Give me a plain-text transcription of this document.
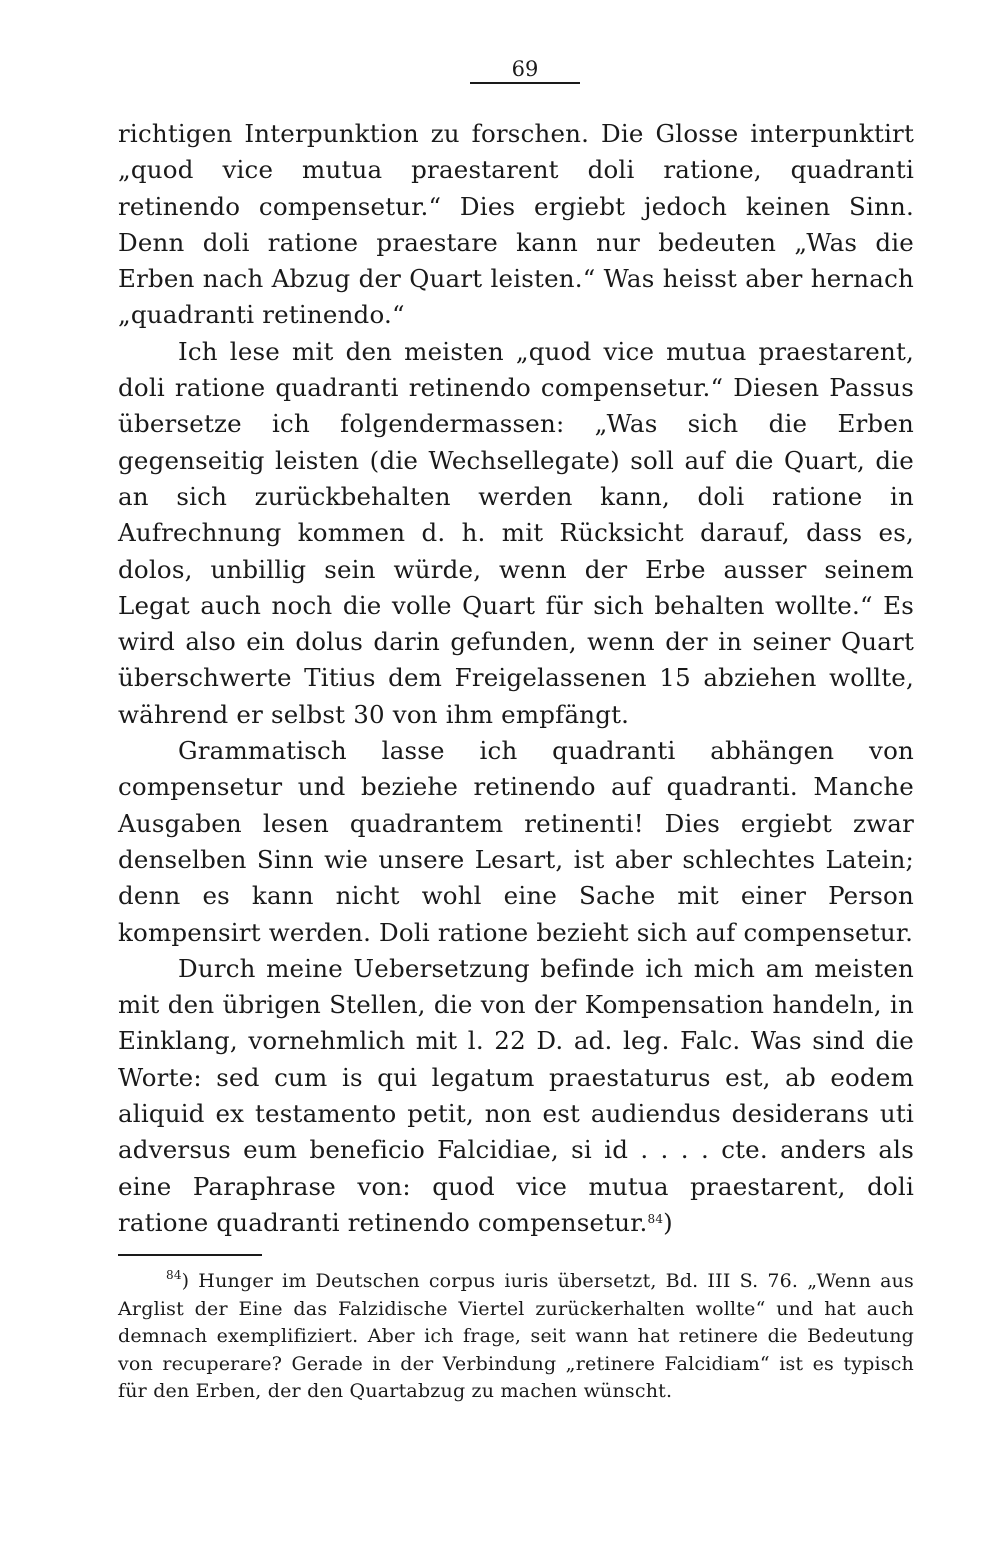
69

richtigen Interpunktion zu forschen. Die Glosse interpunktirt „quod vice mutua praestarent doli ratione, quadranti retinendo compensetur.“ Dies ergiebt jedoch keinen Sinn. Denn doli ratione praestare kann nur bedeuten „Was die Erben nach Abzug der Quart leisten.“ Was heisst aber hernach „quadranti retinendo.“

Ich lese mit den meisten „quod vice mutua praestarent, doli ratione quadranti retinendo compensetur.“ Diesen Passus übersetze ich folgendermassen: „Was sich die Erben gegenseitig leisten (die Wechsellegate) soll auf die Quart, die an sich zurückbehalten werden kann, doli ratione in Aufrechnung kommen d. h. mit Rücksicht darauf, dass es, dolos, unbillig sein würde, wenn der Erbe ausser seinem Legat auch noch die volle Quart für sich behalten wollte.“ Es wird also ein dolus darin gefunden, wenn der in seiner Quart überschwerte Titius dem Freigelassenen 15 abziehen wollte, während er selbst 30 von ihm empfängt.

Grammatisch lasse ich quadranti abhängen von compensetur und beziehe retinendo auf quadranti. Manche Ausgaben lesen quadrantem retinenti! Dies ergiebt zwar denselben Sinn wie unsere Lesart, ist aber schlechtes Latein; denn es kann nicht wohl eine Sache mit einer Person kompensirt werden. Doli ratione bezieht sich auf compensetur.

Durch meine Uebersetzung befinde ich mich am meisten mit den übrigen Stellen, die von der Kompensation handeln, in Einklang, vornehmlich mit l. 22 D. ad. leg. Falc. Was sind die Worte: sed cum is qui legatum praestaturus est, ab eodem aliquid ex testamento petit, non est audiendus desiderans uti adversus eum beneficio Falcidiae, si id . . . . cte. anders als eine Paraphrase von: quod vice mutua praestarent, doli ratione quadranti retinendo compensetur.$^{84}$)

$^{84}$) Hunger im Deutschen corpus iuris übersetzt, Bd. III S. 76. „Wenn aus Arglist der Eine das Falzidische Viertel zurückerhalten wollte“ und hat auch demnach exemplifiziert. Aber ich frage, seit wann hat retinere die Bedeutung von recuperare? Gerade in der Verbindung „retinere Falcidiam“ ist es typisch für den Erben, der den Quartabzug zu machen wünscht.
